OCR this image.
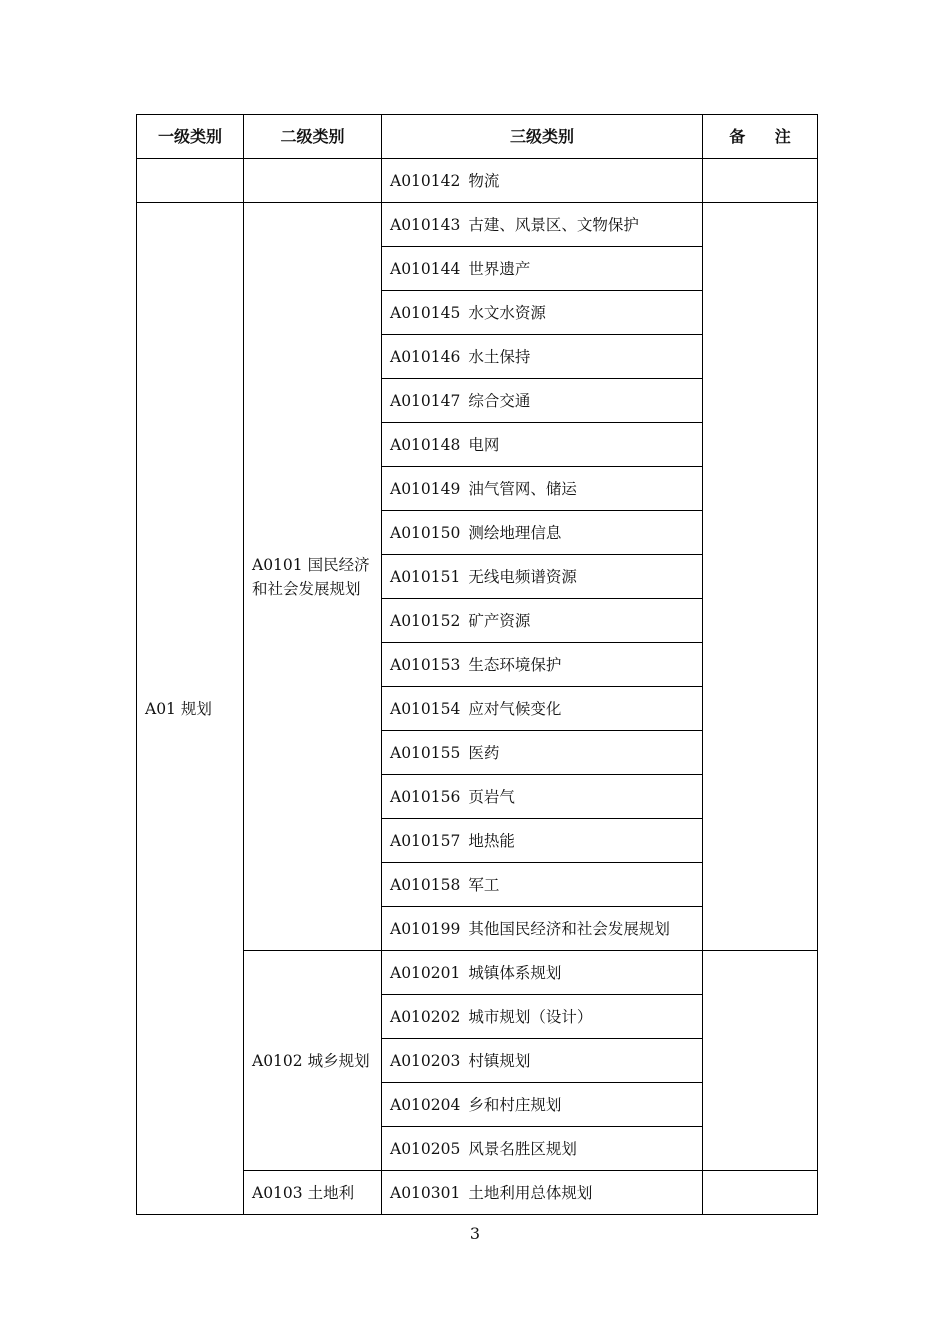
一级类别	二级类别	三级类别	备 注
		A010142 物流	
A01 规划	A0101 国民经济和社会发展规划	A010143 古建、风景区、文物保护	
		A010144 世界遗产	
		A010145 水文水资源	
		A010146 水土保持	
		A010147 综合交通	
		A010148 电网	
		A010149 油气管网、储运	
		A010150 测绘地理信息	
		A010151 无线电频谱资源	
		A010152 矿产资源	
		A010153 生态环境保护	
		A010154 应对气候变化	
		A010155 医药	
		A010156 页岩气	
		A010157 地热能	
		A010158 军工	
		A010199 其他国民经济和社会发展规划	
	A0102 城乡规划	A010201 城镇体系规划	
		A010202 城市规划（设计）	
		A010203 村镇规划	
		A010204 乡和村庄规划	
		A010205 风景名胜区规划	
	A0103 土地利	A010301 土地利用总体规划	
3
